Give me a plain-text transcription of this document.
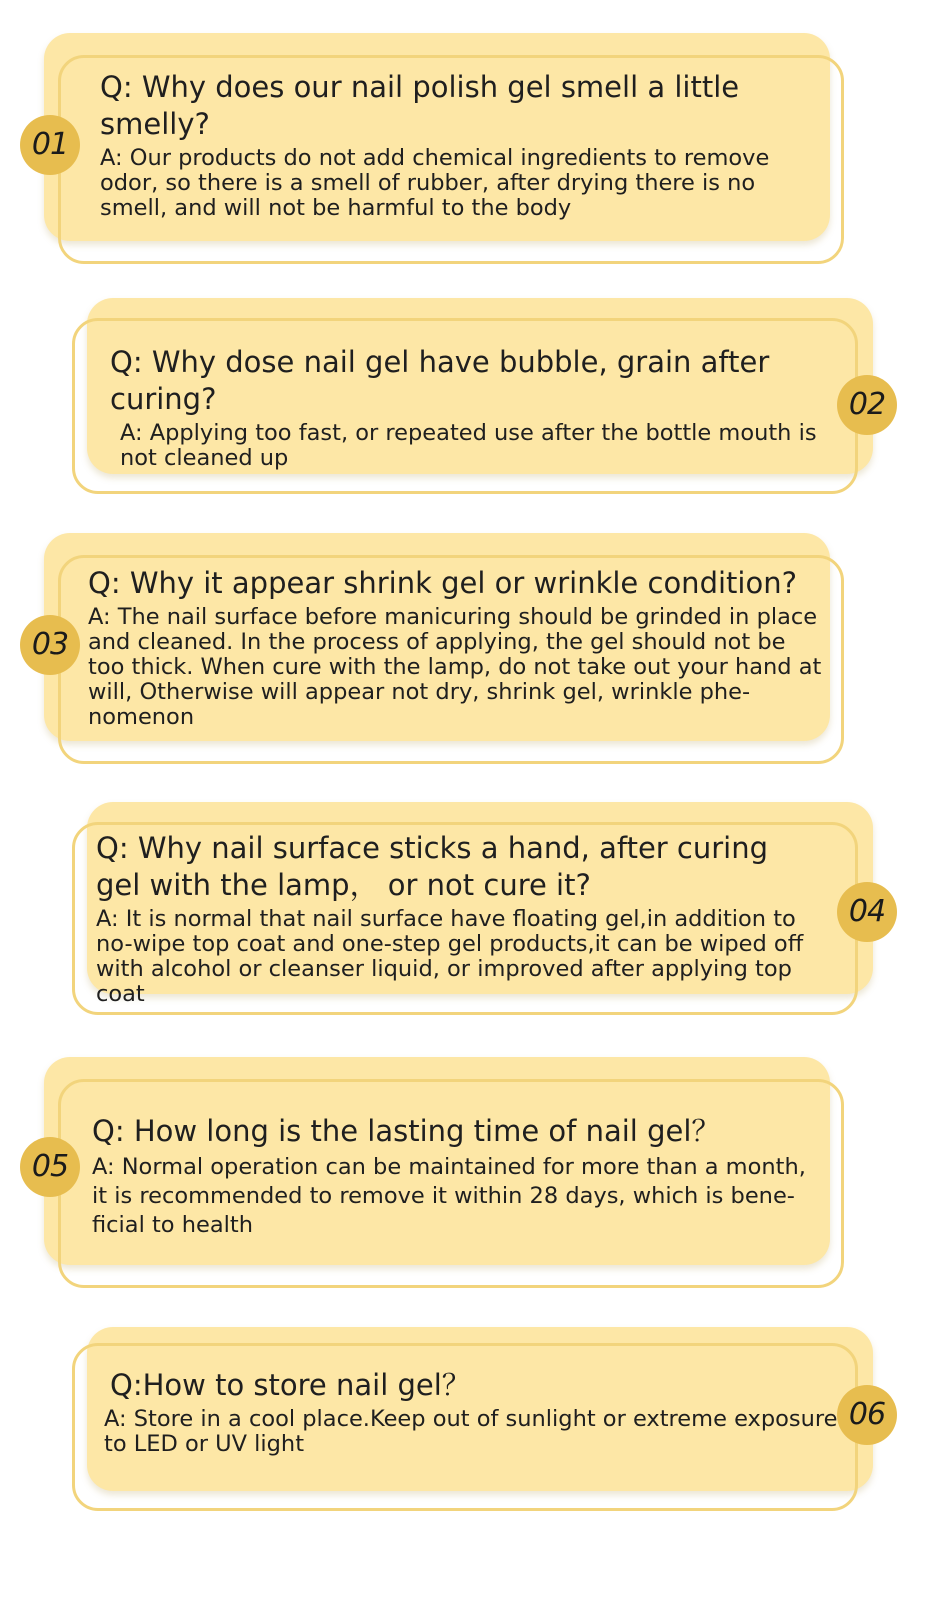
01
Q: Why does our nail polish gel smell a little smelly?
A: Our products do not add chemical ingredients to remove odor, so there is a smell of rubber, after drying there is no smell, and will not be harmful to the body
02
Q: Why dose nail gel have bubble, grain after curing?
A: Applying too fast, or repeated use after the bottle mouth is not cleaned up
03
Q: Why it appear shrink gel or wrinkle condition?
A: The nail surface before manicuring should be grinded in place and cleaned. In the process of applying, the gel should not be too thick. When cure with the lamp, do not take out your hand at will, Otherwise will appear not dry, shrink gel, wrinkle phe-nomenon
04
Q: Why nail surface sticks a hand, after curing gel with the lamp， or not cure it?
A: It is normal that nail surface have floating gel,in addition to no-wipe top coat and one-step gel products,it can be wiped off with alcohol or cleanser liquid, or improved after applying top coat
05
Q: How long is the lasting time of nail gel？
A: Normal operation can be maintained for more than a month, it is recommended to remove it within 28 days, which is bene-ficial to health
06
Q:How to store nail gel？
A: Store in a cool place.Keep out of sunlight or extreme exposure to LED or UV light
